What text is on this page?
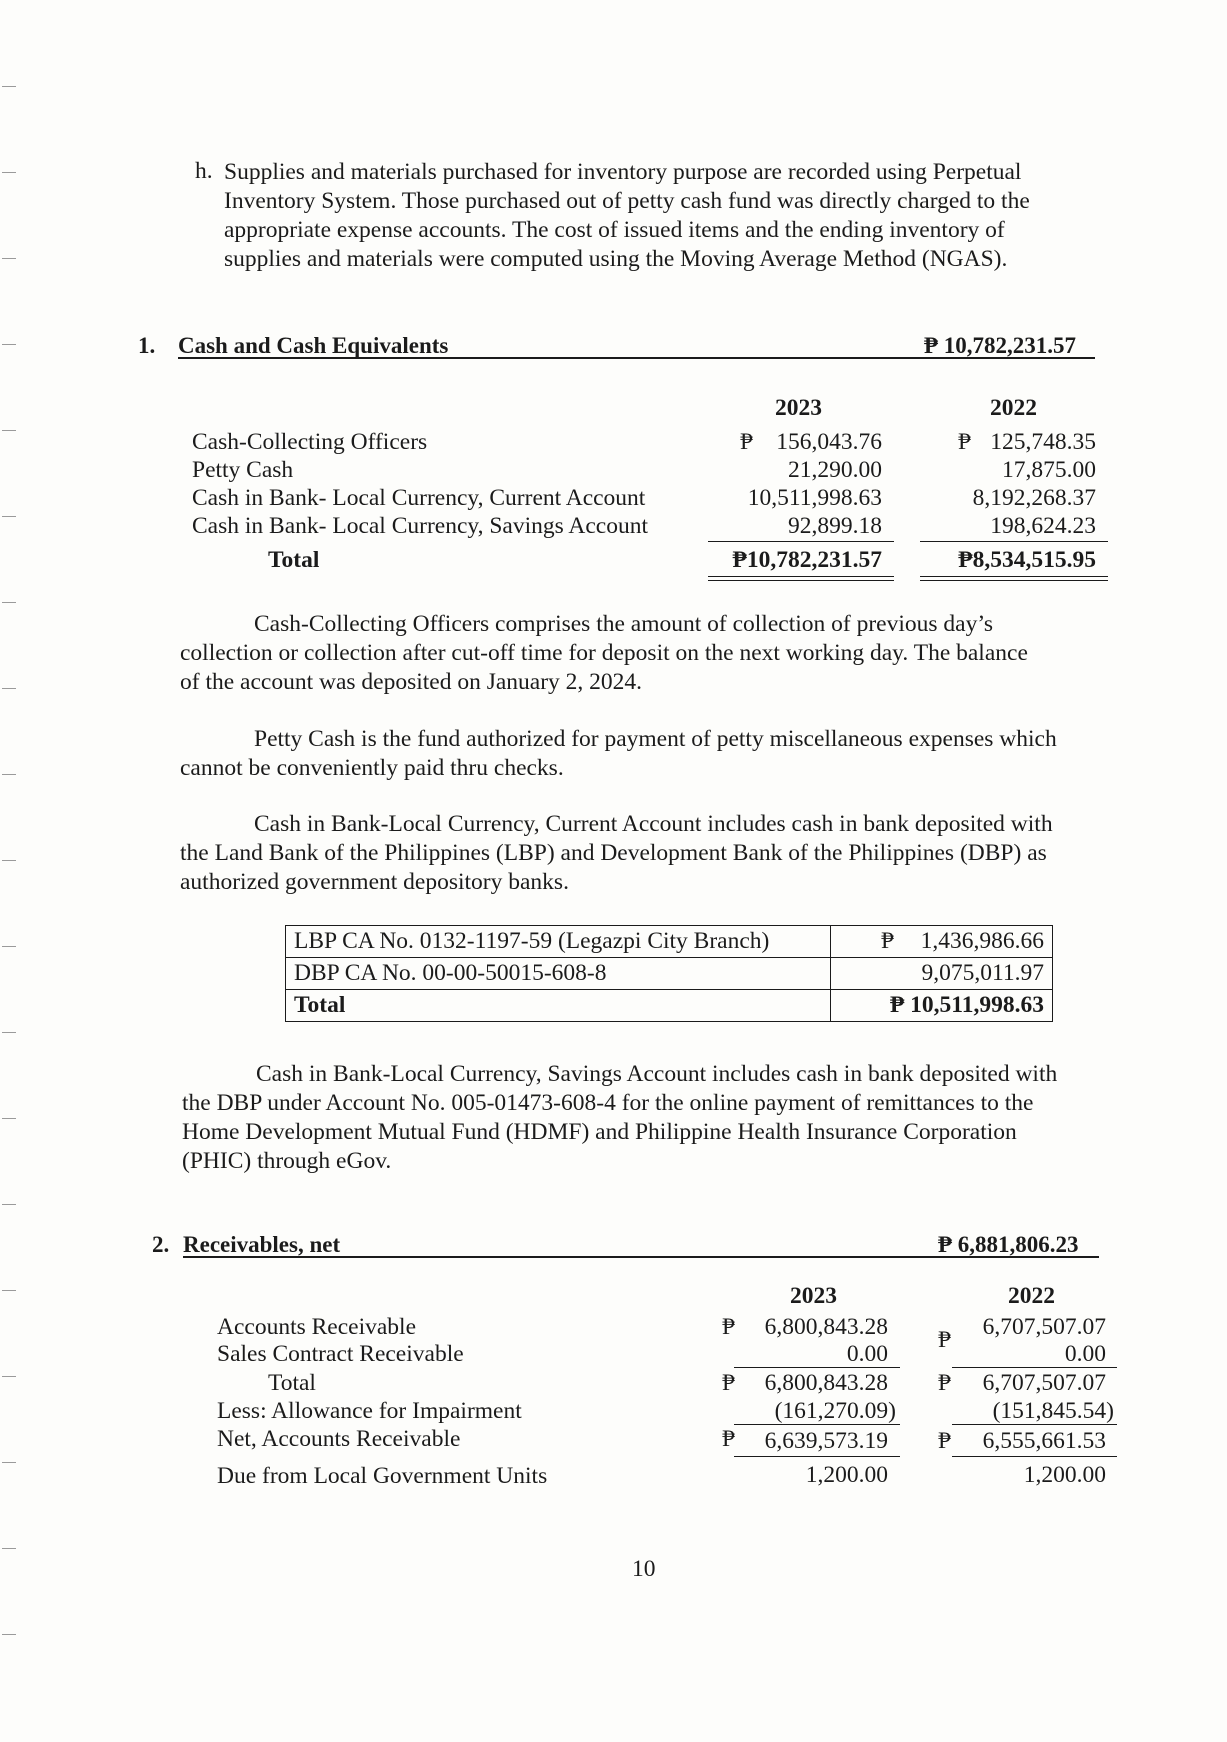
h. Supplies and materials purchased for inventory purpose are recorded using Perpetual
Inventory System. Those purchased out of petty cash fund was directly charged to the
appropriate expense accounts. The cost of issued items and the ending inventory of
supplies and materials were computed using the Moving Average Method (NGAS).
1. Cash and Cash Equivalents	₱ 10,782,231.57
2023	2022
Cash-Collecting Officers	₱ 156,043.76	₱ 125,748.35
Petty Cash	21,290.00	17,875.00
Cash in Bank- Local Currency, Current Account	10,511,998.63	8,192,268.37
Cash in Bank- Local Currency, Savings Account	92,899.18	198,624.23
Total	₱10,782,231.57	₱8,534,515.95
Cash-Collecting Officers comprises the amount of collection of previous day’s
collection or collection after cut-off time for deposit on the next working day. The balance
of the account was deposited on January 2, 2024.
Petty Cash is the fund authorized for payment of petty miscellaneous expenses which
cannot be conveniently paid thru checks.
Cash in Bank-Local Currency, Current Account includes cash in bank deposited with
the Land Bank of the Philippines (LBP) and Development Bank of the Philippines (DBP) as
authorized government depository banks.
LBP CA No. 0132-1197-59 (Legazpi City Branch)	₱ 1,436,986.66
DBP CA No. 00-00-50015-608-8	9,075,011.97
Total	₱ 10,511,998.63
Cash in Bank-Local Currency, Savings Account includes cash in bank deposited with
the DBP under Account No. 005-01473-608-4 for the online payment of remittances to the
Home Development Mutual Fund (HDMF) and Philippine Health Insurance Corporation
(PHIC) through eGov.
2. Receivables, net	₱ 6,881,806.23
2023	2022
Accounts Receivable	₱	6,800,843.28 ₱	6,707,507.07
Sales Contract Receivable	0.00	0.00
Total	₱	6,800,843.28 ₱	6,707,507.07
Less: Allowance for Impairment	(161,270.09)	(151,845.54)
Net, Accounts Receivable	₱	6,639,573.19 ₱	6,555,661.53
Due from Local Government Units	1,200.00	1,200.00
10
